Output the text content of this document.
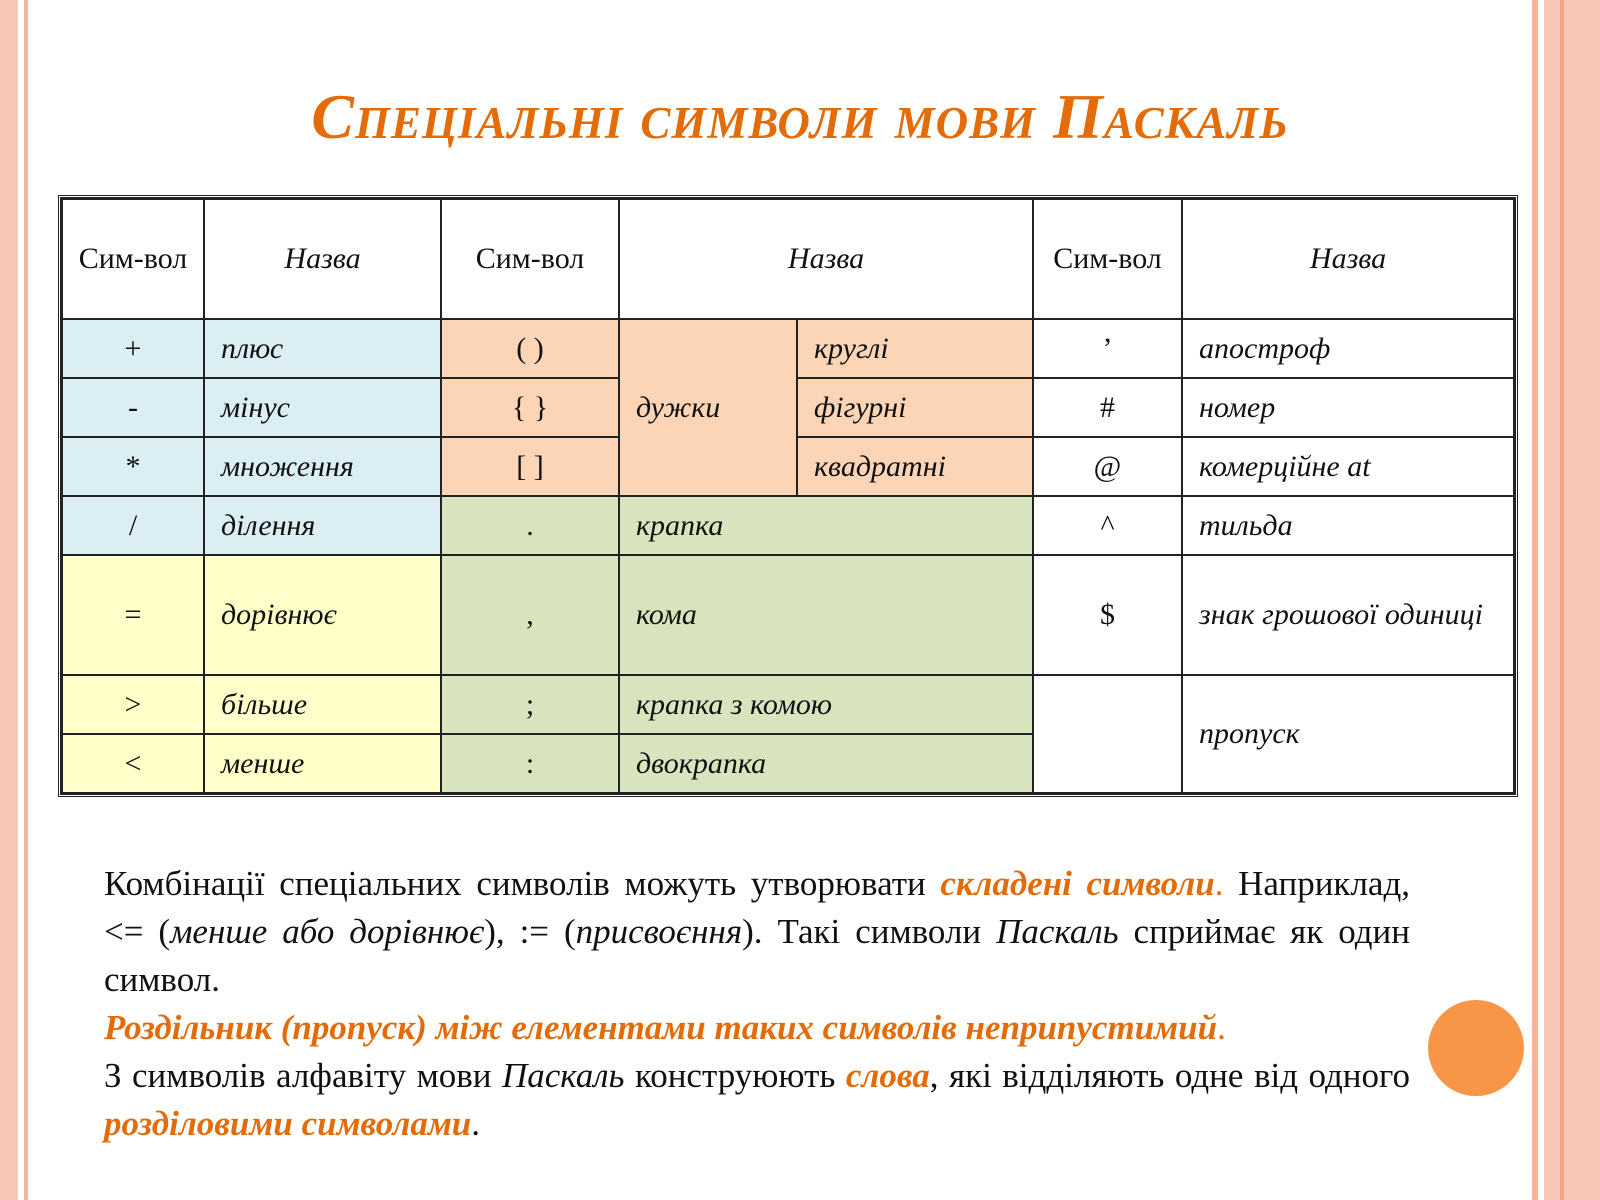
Спеціальні символи мови Паскаль
Сим-вол	Назва	Сим-вол	Назва		Сим-вол	Назва
+	плюс	( )	дужки	круглі	’	апостроф
-	мінус	{ }		фігурні	#	номер
*	множення	[ ]		квадратні	@	комерційне at
/	ділення	.	крапка		^	тильда
=	дорівнює	,	кома		$	знак грошової одиниці
>	більше	;	крапка з комою			пропуск
<	менше	:	двокрапка			

Комбінації спеціальних символів можуть утворювати складені символи. Наприклад, <= (менше або дорівнює), := (присвоєння). Такі символи Паскаль сприймає як один символ.

Роздільник (пропуск) між елементами таких символів неприпустимий.

З символів алфавіту мови Паскаль конструюють слова, які відділяють одне від одного розділовими символами.
